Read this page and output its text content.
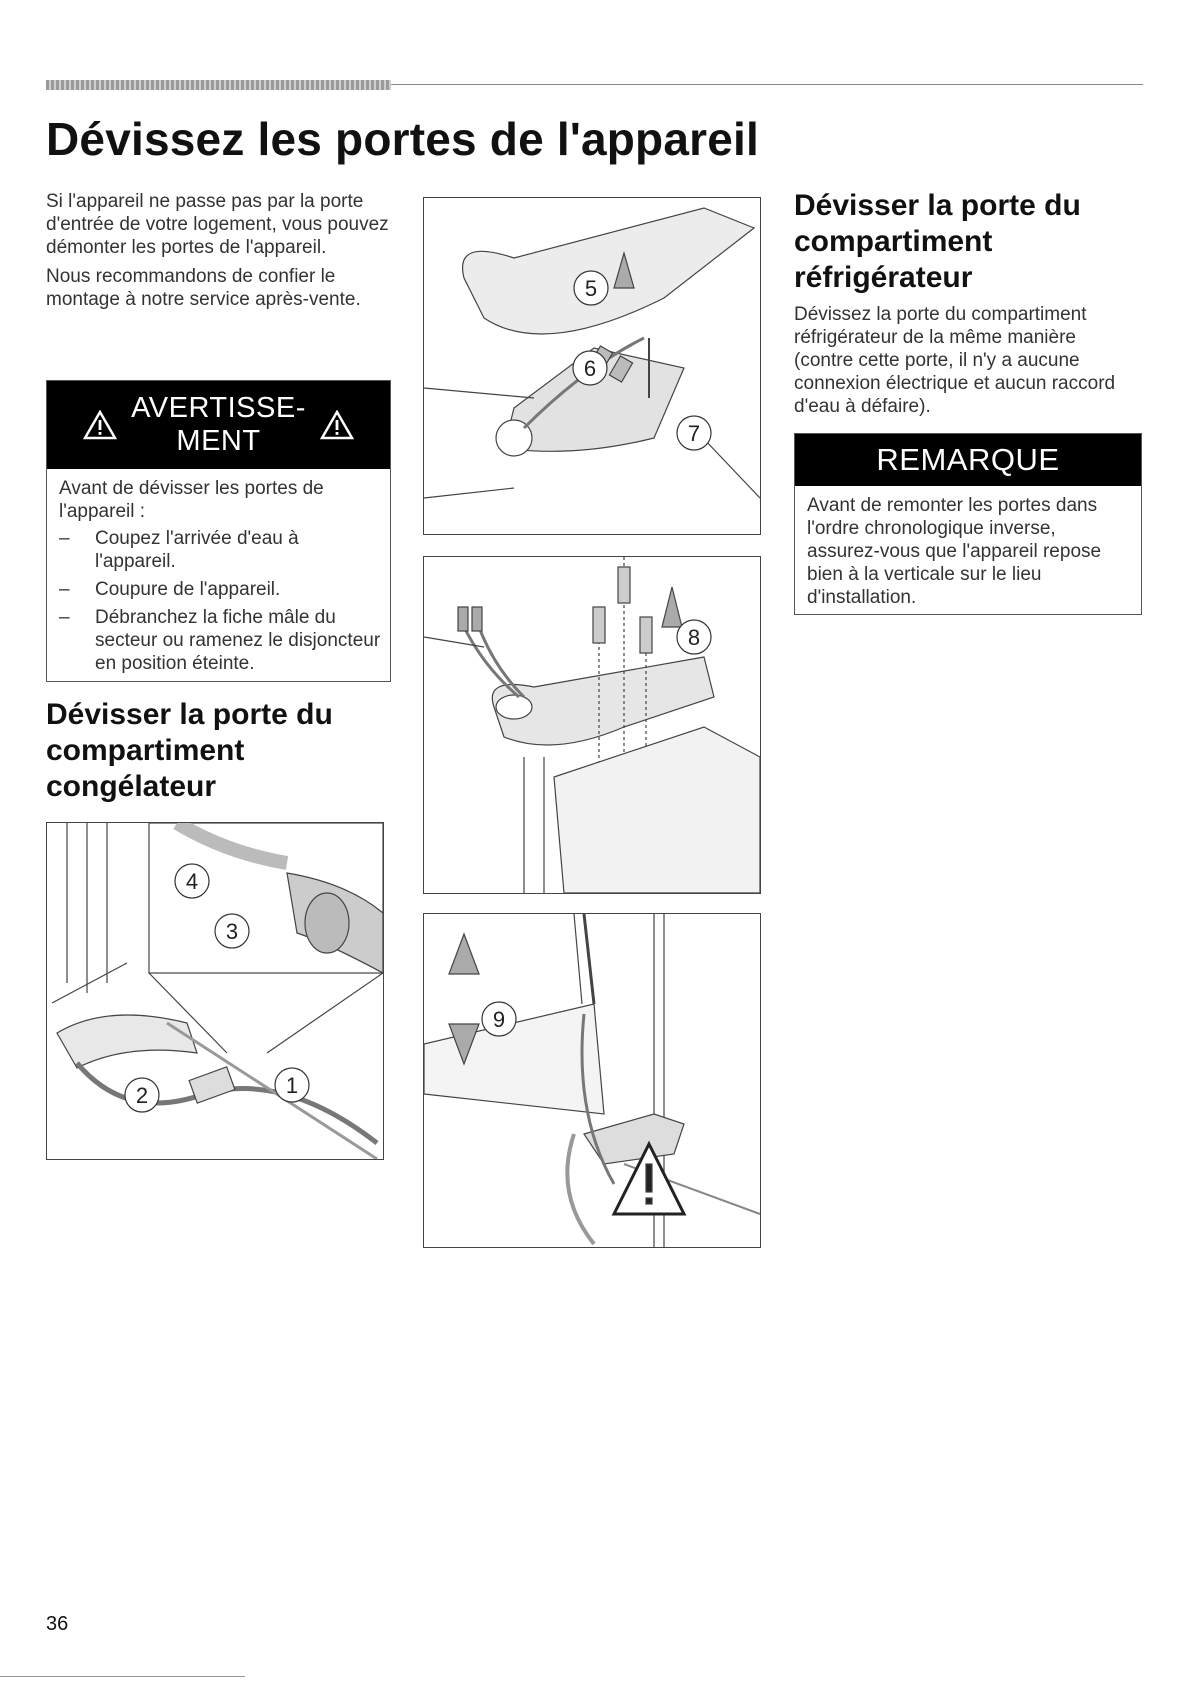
Dévissez les portes de l'appareil

Si l'appareil ne passe pas par la porte d'entrée de votre logement, vous pouvez démonter les portes de l'appareil.

Nous recommandons de confier le montage à notre service après-vente.

AVERTISSE-
MENT
Avant de dévisser les portes de l'appareil :
– Coupez l'arrivée d'eau à l'appareil.
– Coupure de l'appareil.
– Débranchez la fiche mâle du secteur ou ramenez le disjoncteur en position éteinte.
Dévisser la porte du compartiment congélateur
4
3
2	1
5
6
7
8
9
Dévisser la porte du compartiment réfrigérateur

Dévissez la porte du compartiment réfrigérateur de la même manière (contre cette porte, il n'y a aucune connexion électrique et aucun raccord d'eau à défaire).

REMARQUE
Avant de remonter les portes dans l'ordre chronologique inverse, assurez-vous que l'appareil repose bien à la verticale sur le lieu d'installation.
36
